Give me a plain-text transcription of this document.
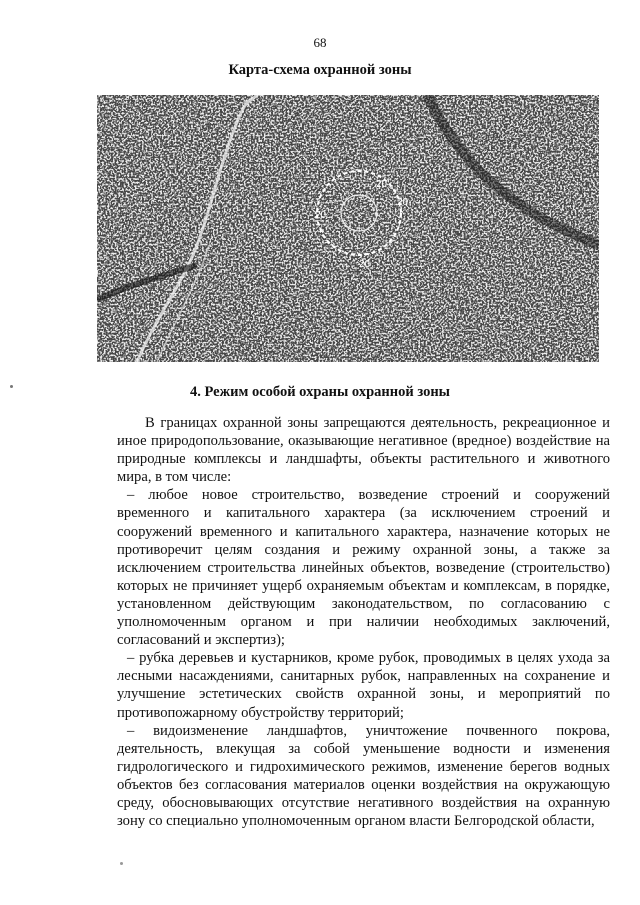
68
Карта-схема охранной зоны
20
20
20
20
4. Режим особой охраны охранной зоны

В границах охранной зоны запрещаются деятельность, рекреационное и иное природопользование, оказывающие негативное (вредное) воздействие на природные комплексы и ландшафты, объекты растительного и животного мира, в том числе:

– любое новое строительство, возведение строений и сооружений временного и капитального характера (за исключением строений и сооружений временного и капитального характера, назначение которых не противоречит целям создания и режиму охранной зоны, а также за исключением строительства линейных объектов, возведение (строительство) которых не причиняет ущерб охраняемым объектам и комплексам, в порядке, установленном действующим законодательством, по согласованию с уполномоченным органом и при наличии необходимых заключений, согласований и экспертиз);

– рубка деревьев и кустарников, кроме рубок, проводимых в целях ухода за лесными насаждениями, санитарных рубок, направленных на сохранение и улучшение эстетических свойств охранной зоны, и мероприятий по противопожарному обустройству территорий;

– видоизменение ландшафтов, уничтожение почвенного покрова, деятельность, влекущая за собой уменьшение водности и изменения гидрологического и гидрохимического режимов, изменение берегов водных объектов без согласования материалов оценки воздействия на окружающую среду, обосновывающих отсутствие негативного воздействия на охранную зону со специально уполномоченным органом власти Белгородской области,
